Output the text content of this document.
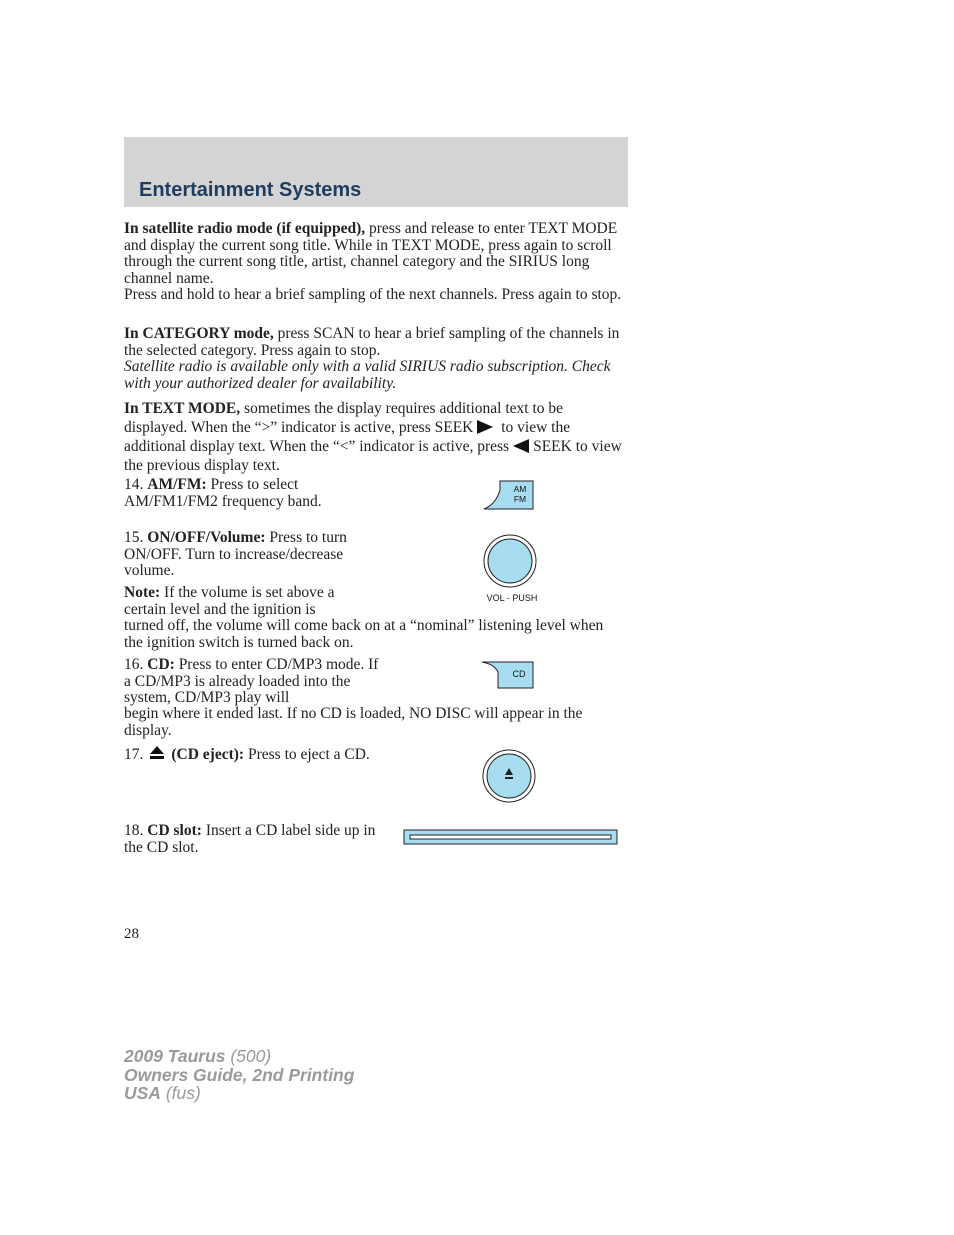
Entertainment Systems

In satellite radio mode (if equipped), press and release to enter TEXT MODE and display the current song title. While in TEXT MODE, press again to scroll through the current song title, artist, channel category and the SIRIUS long channel name.
Press and hold to hear a brief sampling of the next channels. Press again to stop.

In CATEGORY mode, press SCAN to hear a brief sampling of the channels in the selected category. Press again to stop.
Satellite radio is available only with a valid SIRIUS radio subscription. Check with your authorized dealer for availability.

In TEXT MODE, sometimes the display requires additional text to be displayed. When the “>” indicator is active, press SEEK to view the additional display text. When the “<” indicator is active, press SEEK to view the previous display text.

14. AM/FM: Press to select AM/FM1/FM2 frequency band.

AM
FM

15. ON/OFF/Volume: Press to turn ON/OFF. Turn to increase/decrease volume.

Note: If the volume is set above a certain level and the ignition is

turned off, the volume will come back on at a “nominal” listening level when the ignition switch is turned back on.

VOL - PUSH

16. CD: Press to enter CD/MP3 mode. If a CD/MP3 is already loaded into the system, CD/MP3 play will

begin where it ended last. If no CD is loaded, NO DISC will appear in the display.

CD

17. (CD eject): Press to eject a CD.

18. CD slot: Insert a CD label side up in the CD slot.

28

2009 Taurus (500)
Owners Guide, 2nd Printing
USA (fus)
